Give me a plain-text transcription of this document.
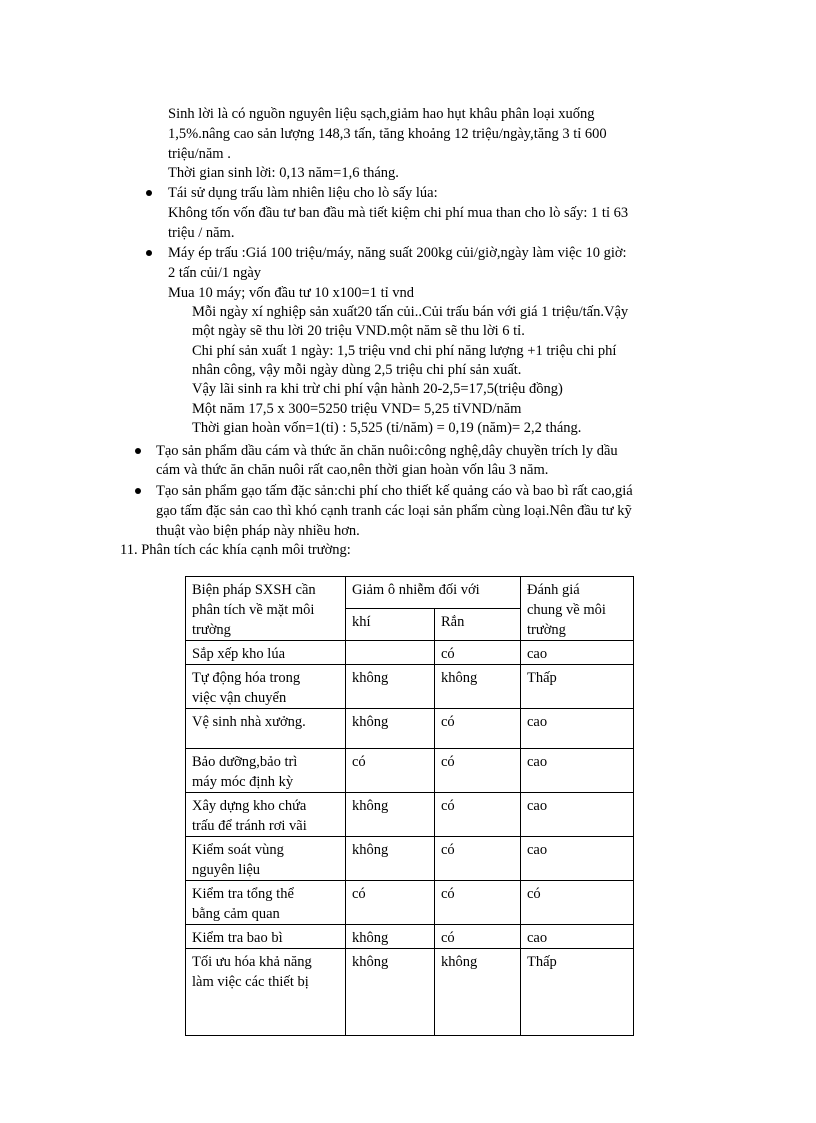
Sinh lời là có nguồn nguyên liệu sạch,giảm hao hụt khâu phân loại xuống
1,5%.nâng cao sản lượng 148,3 tấn, tăng khoảng 12 triệu/ngày,tăng 3 tỉ 600
triệu/năm .
Thời gian sinh lời: 0,13 năm=1,6 tháng.
Tái sử dụng trấu làm nhiên liệu cho lò sấy lúa:
Không tốn vốn đầu tư ban đầu mà tiết kiệm chi phí mua than cho lò sấy: 1 tỉ 63
triệu / năm.
Máy ép trấu :Giá 100 triệu/máy, năng suất 200kg củi/giờ,ngày làm việc 10 giờ:
2 tấn củi/1 ngày
Mua 10 máy; vốn đầu tư 10 x100=1 tỉ vnd
Mỗi ngày xí nghiệp sản xuất20 tấn củi..Củi trấu bán với giá 1 triệu/tấn.Vậy
một ngày sẽ thu lời 20 triệu VND.một năm sẽ thu lời 6 tỉ.
Chi phí sản xuất 1 ngày: 1,5 triệu vnd chi phí năng lượng +1 triệu chi phí
nhân công, vậy mỗi ngày dùng 2,5 triệu chi phí sản xuất.
Vậy lãi sinh ra khi trừ chi phí vận hành 20-2,5=17,5(triệu đồng)
Một năm 17,5 x 300=5250 triệu VND= 5,25 tỉVND/năm
Thời gian hoàn vốn=1(tỉ) : 5,525 (tỉ/năm) = 0,19 (năm)= 2,2 tháng.
Tạo sản phẩm dầu cám và thức ăn chăn nuôi:công nghệ,dây chuyền trích ly dầu
cám và thức ăn chăn nuôi rất cao,nên thời gian hoàn vốn lâu 3 năm.
Tạo sản phẩm gạo tấm đặc sản:chi phí cho thiết kế quảng cáo và bao bì rất cao,giá
gạo tấm đặc sản cao thì khó cạnh tranh các loại sản phẩm cùng loại.Nên đầu tư kỹ
thuật vào biện pháp này nhiều hơn.
11. Phân tích các khía cạnh môi trường:
Biện pháp SXSH cần
phân tích về mặt môi
trường	Giảm ô nhiễm đối với		Đánh giá
chung về môi
trường
	khí	Rắn	
Sắp xếp kho lúa		có	cao
Tự động hóa trong
việc vận chuyển	không	không	Thấp
Vệ sinh nhà xưởng.	không	có	cao
Bảo dưỡng,bảo trì
máy móc định kỳ	có	có	cao
Xây dựng kho chứa
trấu để tránh rơi vãi	không	có	cao
Kiểm soát vùng
nguyên liệu	không	có	cao
Kiểm tra tổng thể
bằng cảm quan	có	có	có
Kiểm tra bao bì	không	có	cao
Tối ưu hóa khả năng
làm việc các thiết bị	không	không	Thấp
